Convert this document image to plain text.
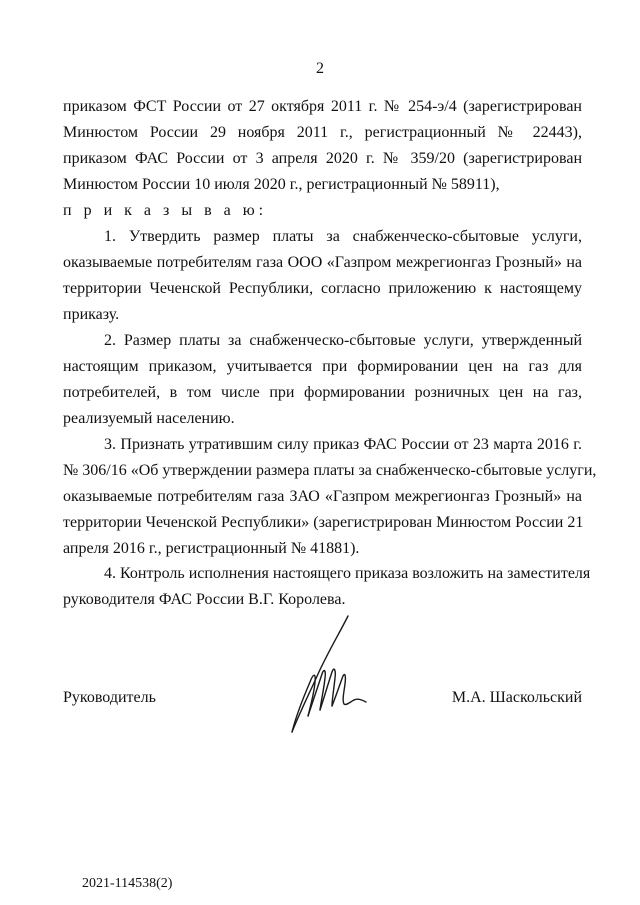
2
приказом ФСТ России от 27 октября 2011 г. № 254-э/4 (зарегистрирован
Минюстом России 29 ноября 2011 г., регистрационный № 22443),
приказом ФАС России от 3 апреля 2020 г. № 359/20 (зарегистрирован
Минюстом России 10 июля 2020 г., регистрационный № 58911),
п р и к а з ы в а ю:
1. Утвердить размер платы за снабженческо-сбытовые услуги,
оказываемые потребителям газа ООО «Газпром межрегионгаз Грозный» на
территории Чеченской Республики, согласно приложению к настоящему
приказу.
2. Размер платы за снабженческо-сбытовые услуги, утвержденный
настоящим приказом, учитывается при формировании цен на газ для
потребителей, в том числе при формировании розничных цен на газ,
реализуемый населению.
3. Признать утратившим силу приказ ФАС России от 23 марта 2016 г.
№ 306/16 «Об утверждении размера платы за снабженческо-сбытовые услуги,
оказываемые потребителям газа ЗАО «Газпром межрегионгаз Грозный» на
территории Чеченской Республики» (зарегистрирован Минюстом России 21
апреля 2016 г., регистрационный № 41881).
4. Контроль исполнения настоящего приказа возложить на заместителя
руководителя ФАС России В.Г. Королева.
Руководитель	М.А. Шаскольский
2021-114538(2)
